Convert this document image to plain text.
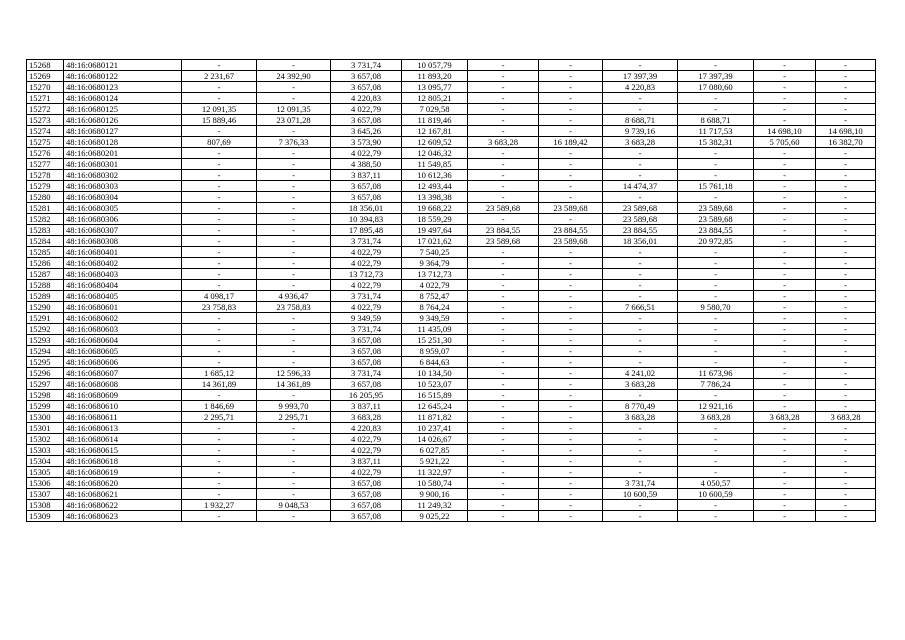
15268	48:16:0680121	-	-	3 731,74	10 057,79	-	-	-	-	-	-
15269	48:16:0680122	2 231,67	24 392,90	3 657,08	11 893,20	-	-	17 397,39	17 397,39	-	-
15270	48:16:0680123	-	-	3 657,08	13 095,77	-	-	4 220,83	17 080,60	-	-
15271	48:16:0680124	-	-	4 220,83	12 805,21	-	-	-	-	-	-
15272	48:16:0680125	12 091,35	12 091,35	4 022,79	7 029,58	-	-	-	-	-	-
15273	48:16:0680126	15 889,46	23 071,28	3 657,08	11 819,46	-	-	8 688,71	8 688,71	-	-
15274	48:16:0680127	-	-	3 645,26	12 167,81	-	-	9 739,16	11 717,53	14 698,10	14 698,10
15275	48:16:0680128	807,69	7 376,33	3 573,90	12 609,52	3 683,28	16 189,42	3 683,28	15 382,31	5 705,60	16 382,70
15276	48:16:0680201	-	-	4 022,79	12 046,32	-	-	-	-	-	-
15277	48:16:0680301	-	-	4 388,50	11 549,85	-	-	-	-	-	-
15278	48:16:0680302	-	-	3 837,11	10 612,36	-	-	-	-	-	-
15279	48:16:0680303	-	-	3 657,08	12 493,44	-	-	14 474,37	15 761,18	-	-
15280	48:16:0680304	-	-	3 657,08	13 398,38	-	-	-	-	-	-
15281	48:16:0680305	-	-	18 356,01	19 668,22	23 589,68	23 589,68	23 589,68	23 589,68	-	-
15282	48:16:0680306	-	-	10 394,83	18 559,29	-	-	23 589,68	23 589,68	-	-
15283	48:16:0680307	-	-	17 895,48	19 497,64	23 884,55	23 884,55	23 884,55	23 884,55	-	-
15284	48:16:0680308	-	-	3 731,74	17 021,62	23 589,68	23 589,68	18 356,01	20 972,85	-	-
15285	48:16:0680401	-	-	4 022,79	7 540,25	-	-	-	-	-	-
15286	48:16:0680402	-	-	4 022,79	9 364,79	-	-	-	-	-	-
15287	48:16:0680403	-	-	13 712,73	13 712,73	-	-	-	-	-	-
15288	48:16:0680404	-	-	4 022,79	4 022,79	-	-	-	-	-	-
15289	48:16:0680405	4 098,17	4 936,47	3 731,74	8 752,47	-	-	-	-	-	-
15290	48:16:0680601	23 758,83	23 758,83	4 022,79	8 764,24	-	-	7 666,51	9 580,70	-	-
15291	48:16:0680602	-	-	9 349,59	9 349,59	-	-	-	-	-	-
15292	48:16:0680603	-	-	3 731,74	11 435,09	-	-	-	-	-	-
15293	48:16:0680604	-	-	3 657,08	15 251,30	-	-	-	-	-	-
15294	48:16:0680605	-	-	3 657,08	8 959,07	-	-	-	-	-	-
15295	48:16:0680606	-	-	3 657,08	6 844,63	-	-	-	-	-	-
15296	48:16:0680607	1 685,12	12 596,33	3 731,74	10 134,50	-	-	4 241,02	11 673,96	-	-
15297	48:16:0680608	14 361,89	14 361,89	3 657,08	10 523,07	-	-	3 683,28	7 786,24	-	-
15298	48:16:0680609	-	-	16 205,95	16 515,89	-	-	-	-	-	-
15299	48:16:0680610	1 846,69	9 993,70	3 837,11	12 645,24	-	-	8 770,49	12 921,16	-	-
15300	48:16:0680611	2 295,71	2 295,71	3 683,28	11 871,82	-	-	3 683,28	3 683,28	3 683,28	3 683,28
15301	48:16:0680613	-	-	4 220,83	10 237,41	-	-	-	-	-	-
15302	48:16:0680614	-	-	4 022,79	14 026,67	-	-	-	-	-	-
15303	48:16:0680615	-	-	4 022,79	6 027,85	-	-	-	-	-	-
15304	48:16:0680618	-	-	3 837,11	5 921,22	-	-	-	-	-	-
15305	48:16:0680619	-	-	4 022,79	11 322,97	-	-	-	-	-	-
15306	48:16:0680620	-	-	3 657,08	10 580,74	-	-	3 731,74	4 050,57	-	-
15307	48:16:0680621	-	-	3 657,08	9 900,16	-	-	10 600,59	10 600,59	-	-
15308	48:16:0680622	1 932,27	9 048,53	3 657,08	11 249,32	-	-	-	-	-	-
15309	48:16:0680623	-	-	3 657,08	9 025,22	-	-	-	-	-	-
